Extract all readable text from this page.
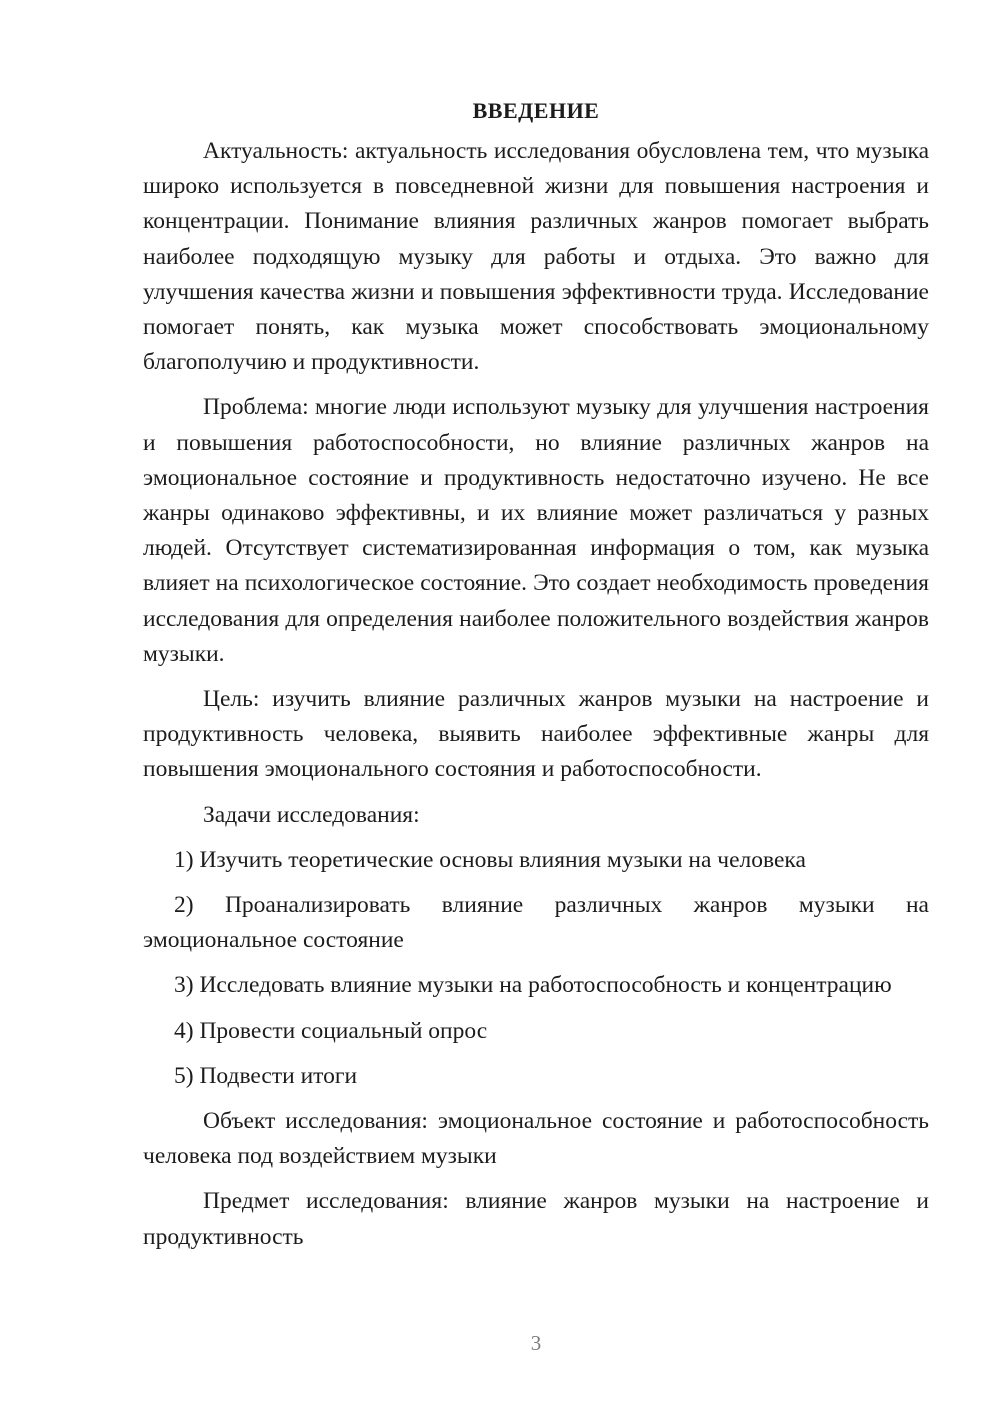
ВВЕДЕНИЕ

Актуальность: актуальность исследования обусловлена тем, что музыка широко используется в повседневной жизни для повышения настроения и концентрации. Понимание влияния различных жанров помогает выбрать наиболее подходящую музыку для работы и отдыха. Это важно для улучшения качества жизни и повышения эффективности труда. Исследование помогает понять, как музыка может способствовать эмоциональному благополучию и продуктивности.

Проблема: многие люди используют музыку для улучшения настроения и повышения работоспособности, но влияние различных жанров на эмоциональное состояние и продуктивность недостаточно изучено. Не все жанры одинаково эффективны, и их влияние может различаться у разных людей. Отсутствует систематизированная информация о том, как музыка влияет на психологическое состояние. Это создает необходимость проведения исследования для определения наиболее положительного воздействия жанров музыки.

Цель: изучить влияние различных жанров музыки на настроение и продуктивность человека, выявить наиболее эффективные жанры для повышения эмоционального состояния и работоспособности.

Задачи исследования:

1) Изучить теоретические основы влияния музыки на человека

2) Проанализировать влияние различных жанров музыки на эмоциональное состояние

3) Исследовать влияние музыки на работоспособность и концентрацию

4) Провести социальный опрос

5) Подвести итоги

Объект исследования: эмоциональное состояние и работоспособность человека под воздействием музыки

Предмет исследования: влияние жанров музыки на настроение и продуктивность

3
